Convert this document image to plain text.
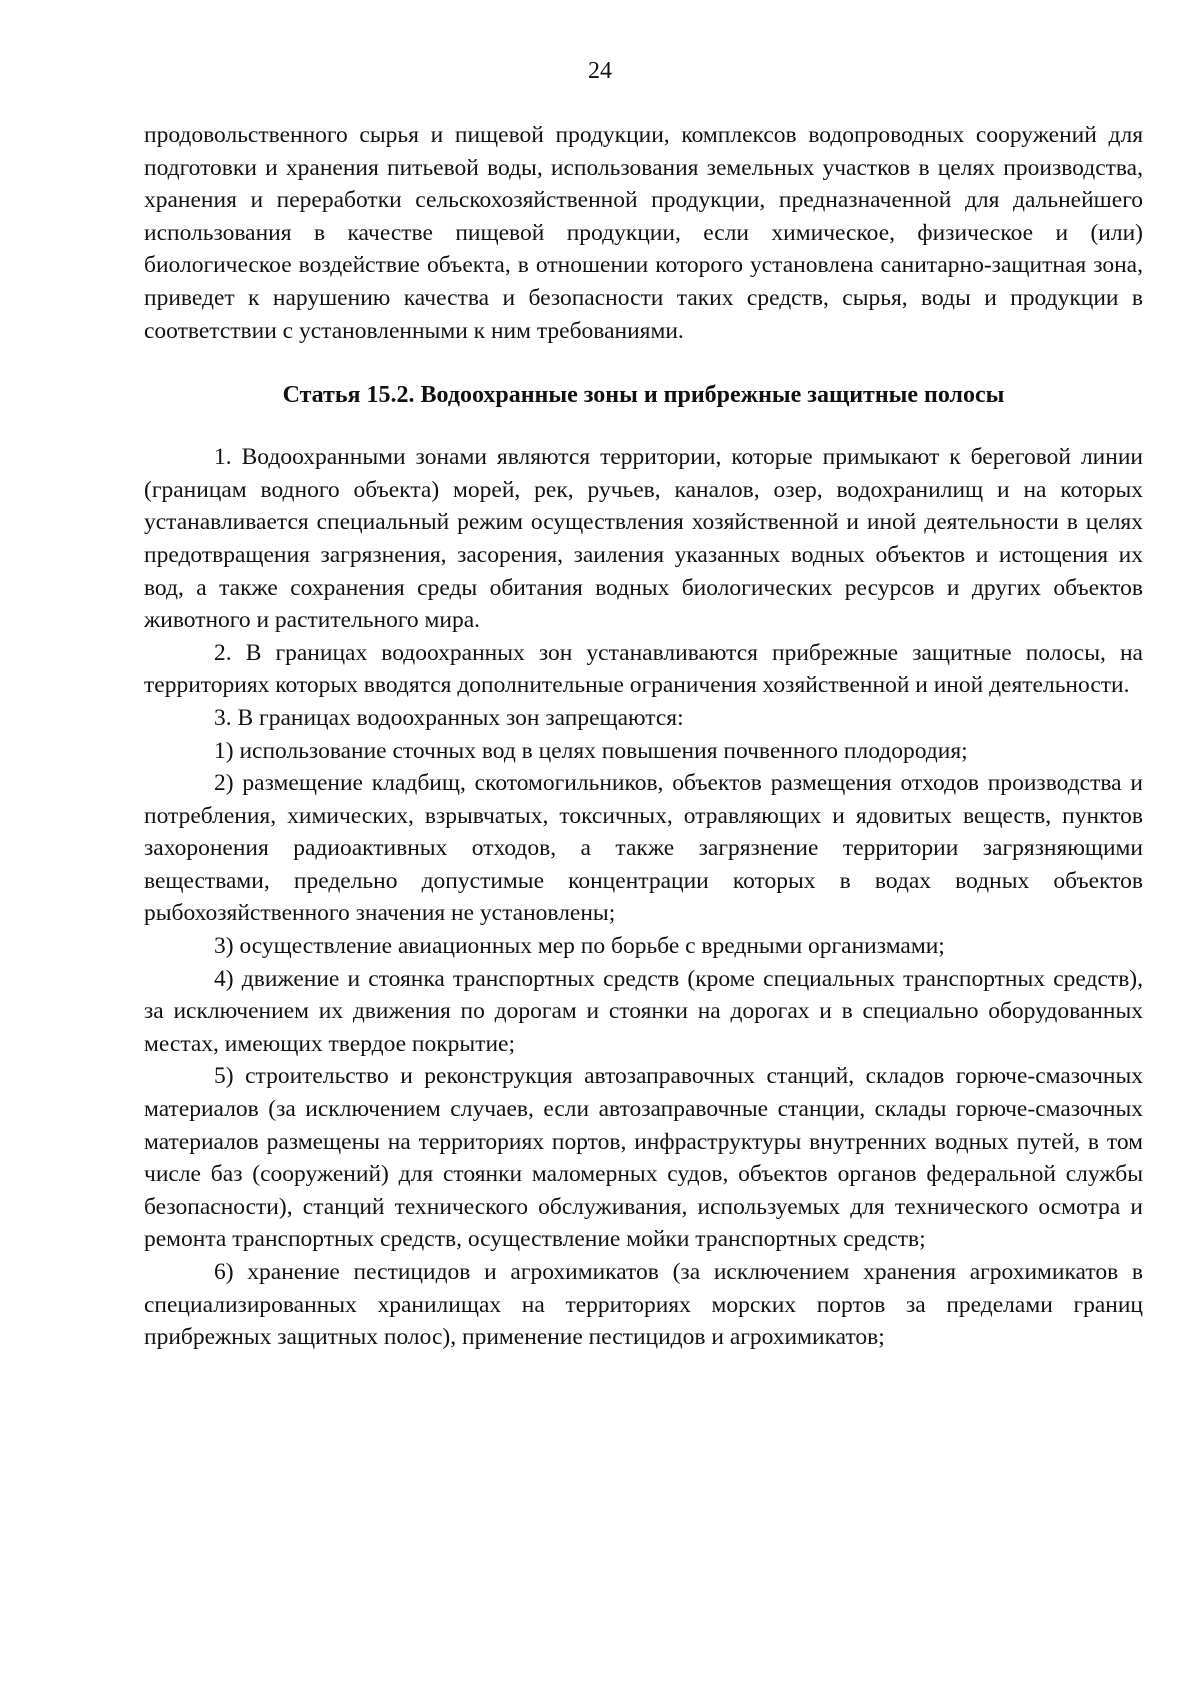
24

продовольственного сырья и пищевой продукции, комплексов водопроводных сооружений для подготовки и хранения питьевой воды, использования земельных участков в целях производства, хранения и переработки сельскохозяйственной продукции, предназначенной для дальнейшего использования в качестве пищевой продукции, если химическое, физическое и (или) биологическое воздействие объекта, в отношении которого установлена санитарно-защитная зона, приведет к нарушению качества и безопасности таких средств, сырья, воды и продукции в соответствии с установленными к ним требованиями.

Статья 15.2. Водоохранные зоны и прибрежные защитные полосы

1. Водоохранными зонами являются территории, которые примыкают к береговой линии (границам водного объекта) морей, рек, ручьев, каналов, озер, водохранилищ и на которых устанавливается специальный режим осуществления хозяйственной и иной деятельности в целях предотвращения загрязнения, засорения, заиления указанных водных объектов и истощения их вод, а также сохранения среды обитания водных биологических ресурсов и других объектов животного и растительного мира.

2. В границах водоохранных зон устанавливаются прибрежные защитные полосы, на территориях которых вводятся дополнительные ограничения хозяйственной и иной деятельности.

3. В границах водоохранных зон запрещаются:

1) использование сточных вод в целях повышения почвенного плодородия;

2) размещение кладбищ, скотомогильников, объектов размещения отходов производства и потребления, химических, взрывчатых, токсичных, отравляющих и ядовитых веществ, пунктов захоронения радиоактивных отходов, а также загрязнение территории загрязняющими веществами, предельно допустимые концентрации которых в водах водных объектов рыбохозяйственного значения не установлены;

3) осуществление авиационных мер по борьбе с вредными организмами;

4) движение и стоянка транспортных средств (кроме специальных транспортных средств), за исключением их движения по дорогам и стоянки на дорогах и в специально оборудованных местах, имеющих твердое покрытие;

5) строительство и реконструкция автозаправочных станций, складов горюче-смазочных материалов (за исключением случаев, если автозаправочные станции, склады горюче-смазочных материалов размещены на территориях портов, инфраструктуры внутренних водных путей, в том числе баз (сооружений) для стоянки маломерных судов, объектов органов федеральной службы безопасности), станций технического обслуживания, используемых для технического осмотра и ремонта транспортных средств, осуществление мойки транспортных средств;

6) хранение пестицидов и агрохимикатов (за исключением хранения агрохимикатов в специализированных хранилищах на территориях морских портов за пределами границ прибрежных защитных полос), применение пестицидов и агрохимикатов;
